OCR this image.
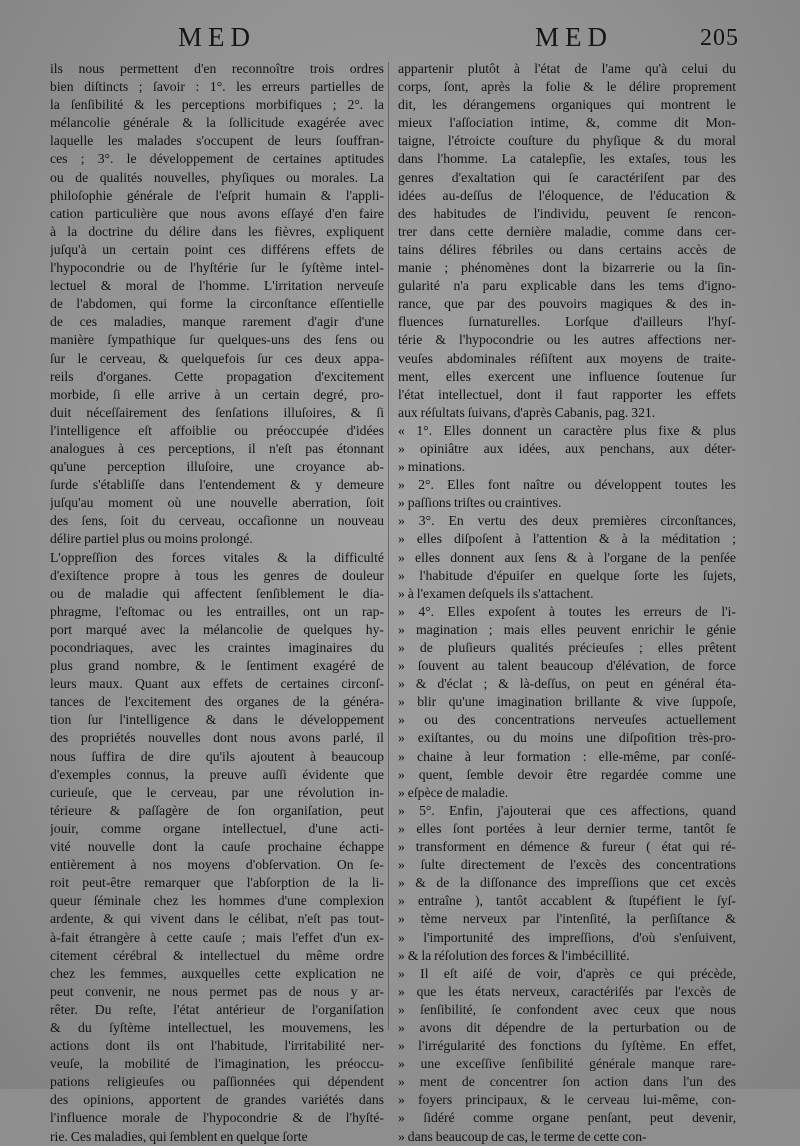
MED	MED	205
ils nous permettent d'en reconnoître trois ordres
bien diſtincts ; ſavoir : 1°. les erreurs partielles de
la ſenſibilité & les perceptions morbifiques ; 2°. la
mélancolie générale & la ſollicitude exagérée avec
laquelle les malades s'occupent de leurs ſouffran-
ces ; 3°. le développement de certaines aptitudes
ou de qualités nouvelles, phyſiques ou morales. La
philoſophie générale de l'eſprit humain & l'appli-
cation particulière que nous avons eſſayé d'en faire
à la doctrine du délire dans les fièvres, expliquent
juſqu'à un certain point ces différens effets de
l'hypocondrie ou de l'hyſtérie ſur le ſyſtème intel-
lectuel & moral de l'homme. L'irritation nerveuſe
de l'abdomen, qui forme la circonſtance eſſentielle
de ces maladies, manque rarement d'agir d'une
manière ſympathique ſur quelques-uns des ſens ou
ſur le cerveau, & quelquefois ſur ces deux appa-
reils d'organes. Cette propagation d'excitement
morbide, ſi elle arrive à un certain degré, pro-
duit néceſſairement des ſenſations illuſoires, & ſi
l'intelligence eſt affoiblie ou préoccupée d'idées
analogues à ces perceptions, il n'eſt pas étonnant
qu'une perception illuſoire, une croyance ab-
ſurde s'établiſſe dans l'entendement & y demeure
juſqu'au moment où une nouvelle aberration, ſoit
des ſens, ſoit du cerveau, occaſionne un nouveau
délire partiel plus ou moins prolongé.
L'oppreſſion des forces vitales & la difficulté
d'exiſtence propre à tous les genres de douleur
ou de maladie qui affectent ſenſiblement le dia-
phragme, l'eſtomac ou les entrailles, ont un rap-
port marqué avec la mélancolie de quelques hy-
pocondriaques, avec les craintes imaginaires du
plus grand nombre, & le ſentiment exagéré de
leurs maux. Quant aux effets de certaines circonſ-
tances de l'excitement des organes de la généra-
tion ſur l'intelligence & dans le développement
des propriétés nouvelles dont nous avons parlé, il
nous ſuffira de dire qu'ils ajoutent à beaucoup
d'exemples connus, la preuve auſſi évidente que
curieuſe, que le cerveau, par une révolution in-
térieure & paſſagère de ſon organiſation, peut
jouir, comme organe intellectuel, d'une acti-
vité nouvelle dont la cauſe prochaine échappe
entièrement à nos moyens d'obſervation. On ſe-
roit peut-être remarquer que l'abſorption de la li-
queur ſéminale chez les hommes d'une complexion
ardente, & qui vivent dans le célibat, n'eſt pas tout-
à-fait étrangère à cette cauſe ; mais l'effet d'un ex-
citement cérébral & intellectuel du même ordre
chez les femmes, auxquelles cette explication ne
peut convenir, ne nous permet pas de nous y ar-
rêter. Du reſte, l'état antérieur de l'organiſation
& du ſyſtème intellectuel, les mouvemens, les
actions dont ils ont l'habitude, l'irritabilité ner-
veuſe, la mobilité de l'imagination, les préoccu-
pations religieuſes ou paſſionnées qui dépendent
des opinions, apportent de grandes variétés dans
l'influence morale de l'hypocondrie & de l'hyſté-
rie. Ces maladies, qui ſemblent en quelque ſorte
appartenir plutôt à l'état de l'ame qu'à celui du
corps, ſont, après la folie & le délire proprement
dit, les dérangemens organiques qui montrent le
mieux l'aſſociation intime, &, comme dit Mon-
taigne, l'étroicte couſture du phyſique & du moral
dans l'homme. La catalepſie, les extaſes, tous les
genres d'exaltation qui ſe caractériſent par des
idées au-deſſus de l'éloquence, de l'éducation &
des habitudes de l'individu, peuvent ſe rencon-
trer dans cette dernière maladie, comme dans cer-
tains délires fébriles ou dans certains accès de
manie ; phénomènes dont la bizarrerie ou la ſin-
gularité n'a paru explicable dans les tems d'igno-
rance, que par des pouvoirs magiques & des in-
fluences ſurnaturelles. Lorſque d'ailleurs l'hyſ-
térie & l'hypocondrie ou les autres affections ner-
veuſes abdominales réſiſtent aux moyens de traite-
ment, elles exercent une influence ſoutenue ſur
l'état intellectuel, dont il faut rapporter les effets
aux réſultats ſuivans, d'après Cabanis, pag. 321.
« 1°. Elles donnent un caractère plus fixe & plus
» opiniâtre aux idées, aux penchans, aux déter-
» minations.
» 2°. Elles font naître ou développent toutes les
» paſſions triſtes ou craintives.
» 3°. En vertu des deux premières circonſtances,
» elles diſpoſent à l'attention & à la méditation ;
» elles donnent aux ſens & à l'organe de la penſée
» l'habitude d'épuiſer en quelque ſorte les ſujets,
» à l'examen deſquels ils s'attachent.
» 4°. Elles expoſent à toutes les erreurs de l'i-
» magination ; mais elles peuvent enrichir le génie
» de pluſieurs qualités précieuſes ; elles prêtent
» ſouvent au talent beaucoup d'élévation, de force
» & d'éclat ; & là-deſſus, on peut en général éta-
» blir qu'une imagination brillante & vive ſuppoſe,
» ou des concentrations nerveuſes actuellement
» exiſtantes, ou du moins une diſpoſition très-pro-
» chaine à leur formation : elle-même, par conſé-
» quent, ſemble devoir être regardée comme une
» eſpèce de maladie.
» 5°. Enfin, j'ajouterai que ces affections, quand
» elles ſont portées à leur dernier terme, tantôt ſe
» transforment en démence & fureur ( état qui ré-
» ſulte directement de l'excès des concentrations
» & de la diſſonance des impreſſions que cet excès
» entraîne ), tantôt accablent & ſtupéfient le ſyſ-
» tème nerveux par l'intenſité, la perſiſtance &
» l'importunité des impreſſions, d'où s'enſuivent,
» & la réſolution des forces & l'imbécillité.
» Il eſt aiſé de voir, d'après ce qui précède,
» que les états nerveux, caractériſés par l'excès de
» ſenſibilité, ſe confondent avec ceux que nous
» avons dit dépendre de la perturbation ou de
» l'irrégularité des fonctions du ſyſtème. En effet,
» une exceſſive ſenſibilité générale manque rare-
» ment de concentrer ſon action dans l'un des
» foyers principaux, & le cerveau lui-même, con-
» ſidéré comme organe penſant, peut devenir,
» dans beaucoup de cas, le terme de cette con-
